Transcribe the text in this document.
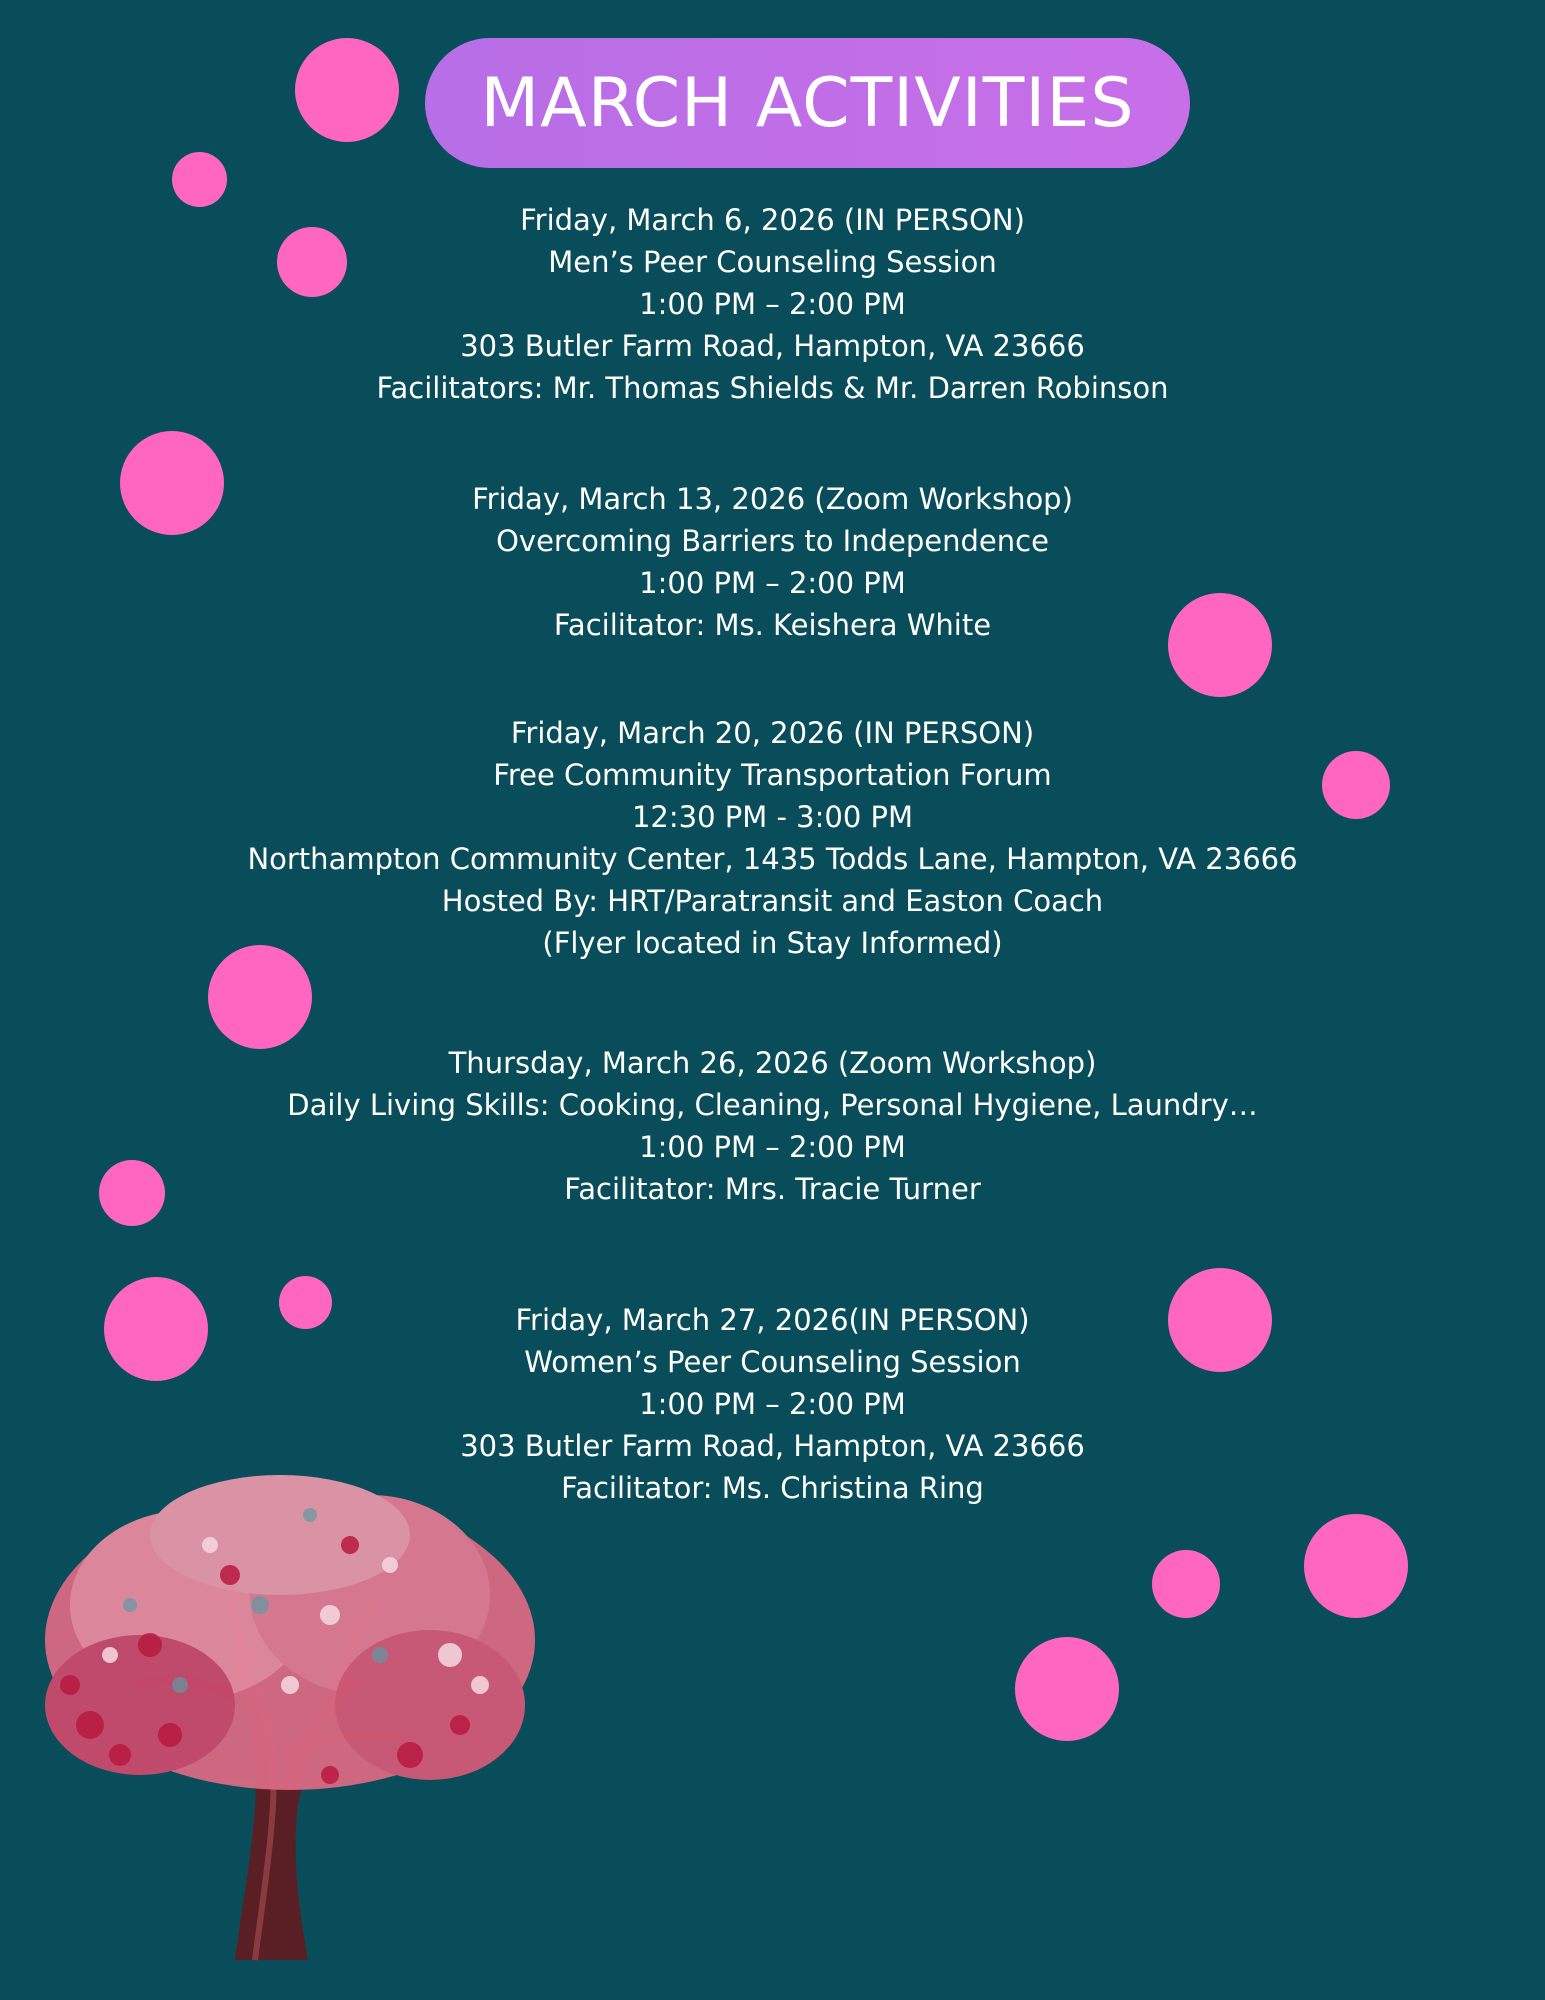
MARCH ACTIVITIES
Friday, March 6, 2026 (IN PERSON)
Men’s Peer Counseling Session
1:00 PM – 2:00 PM
303 Butler Farm Road, Hampton, VA 23666
Facilitators: Mr. Thomas Shields & Mr. Darren Robinson
Friday, March 13, 2026 (Zoom Workshop)
Overcoming Barriers to Independence
1:00 PM – 2:00 PM
Facilitator: Ms. Keishera White
Friday, March 20, 2026 (IN PERSON)
Free Community Transportation Forum
12:30 PM - 3:00 PM
Northampton Community Center, 1435 Todds Lane, Hampton, VA 23666
Hosted By: HRT/Paratransit and Easton Coach
(Flyer located in Stay Informed)
Thursday, March 26, 2026 (Zoom Workshop)
Daily Living Skills: Cooking, Cleaning, Personal Hygiene, Laundry…
1:00 PM – 2:00 PM
Facilitator: Mrs. Tracie Turner
Friday, March 27, 2026(IN PERSON)
Women’s Peer Counseling Session
1:00 PM – 2:00 PM
303 Butler Farm Road, Hampton, VA 23666
Facilitator: Ms. Christina Ring
